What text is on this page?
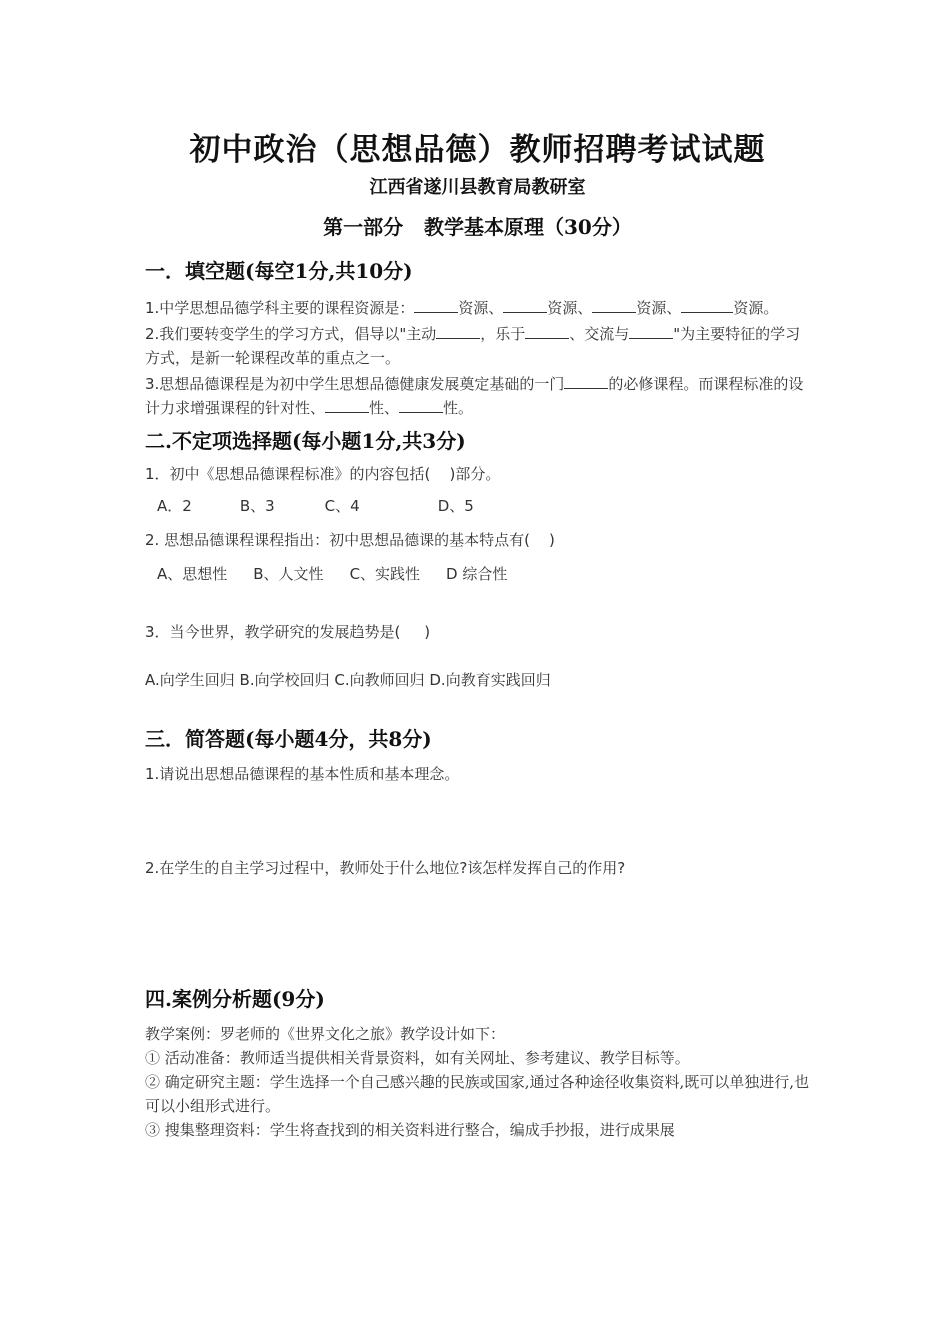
初中政治（思想品德）教师招聘考试试题
江西省遂川县教育局教研室
第一部分   教学基本原理（30分）
一．填空题(每空1分,共10分)
1.中学思想品德学科主要的课程资源是：	资源、	资源、	资源、	资源。
2.我们要转变学生的学习方式，倡导以"主动	，乐于	、交流与	"为主要特征的学习方式，是新一轮课程改革的重点之一。
3.思想品德课程是为初中学生思想品德健康发展奠定基础的一门	的必修课程。而课程标准的设计力求增强课程的针对性、	性、	性。
二.不定项选择题(每小题1分,共3分)
1．初中《思想品德课程标准》的内容包括(    )部分。
A．2	B、3	C、4	D、5
2. 思想品德课程课程指出：初中思想品德课的基本特点有(    )
A、思想性 B、人文性 C、实践性 D 综合性
3．当今世界，教学研究的发展趋势是(     )
A.向学生回归 B.向学校回归 C.向教师回归 D.向教育实践回归
三．简答题(每小题4分，共8分)
1.请说出思想品德课程的基本性质和基本理念。
2.在学生的自主学习过程中，教师处于什么地位?该怎样发挥自己的作用?
四.案例分析题(9分)
教学案例：罗老师的《世界文化之旅》教学设计如下：
① 活动准备：教师适当提供相关背景资料，如有关网址、参考建议、教学目标等。
② 确定研究主题：学生选择一个自己感兴趣的民族或国家,通过各种途径收集资料,既可以单独进行,也可以小组形式进行。
③ 搜集整理资料：学生将查找到的相关资料进行整合，编成手抄报，进行成果展
